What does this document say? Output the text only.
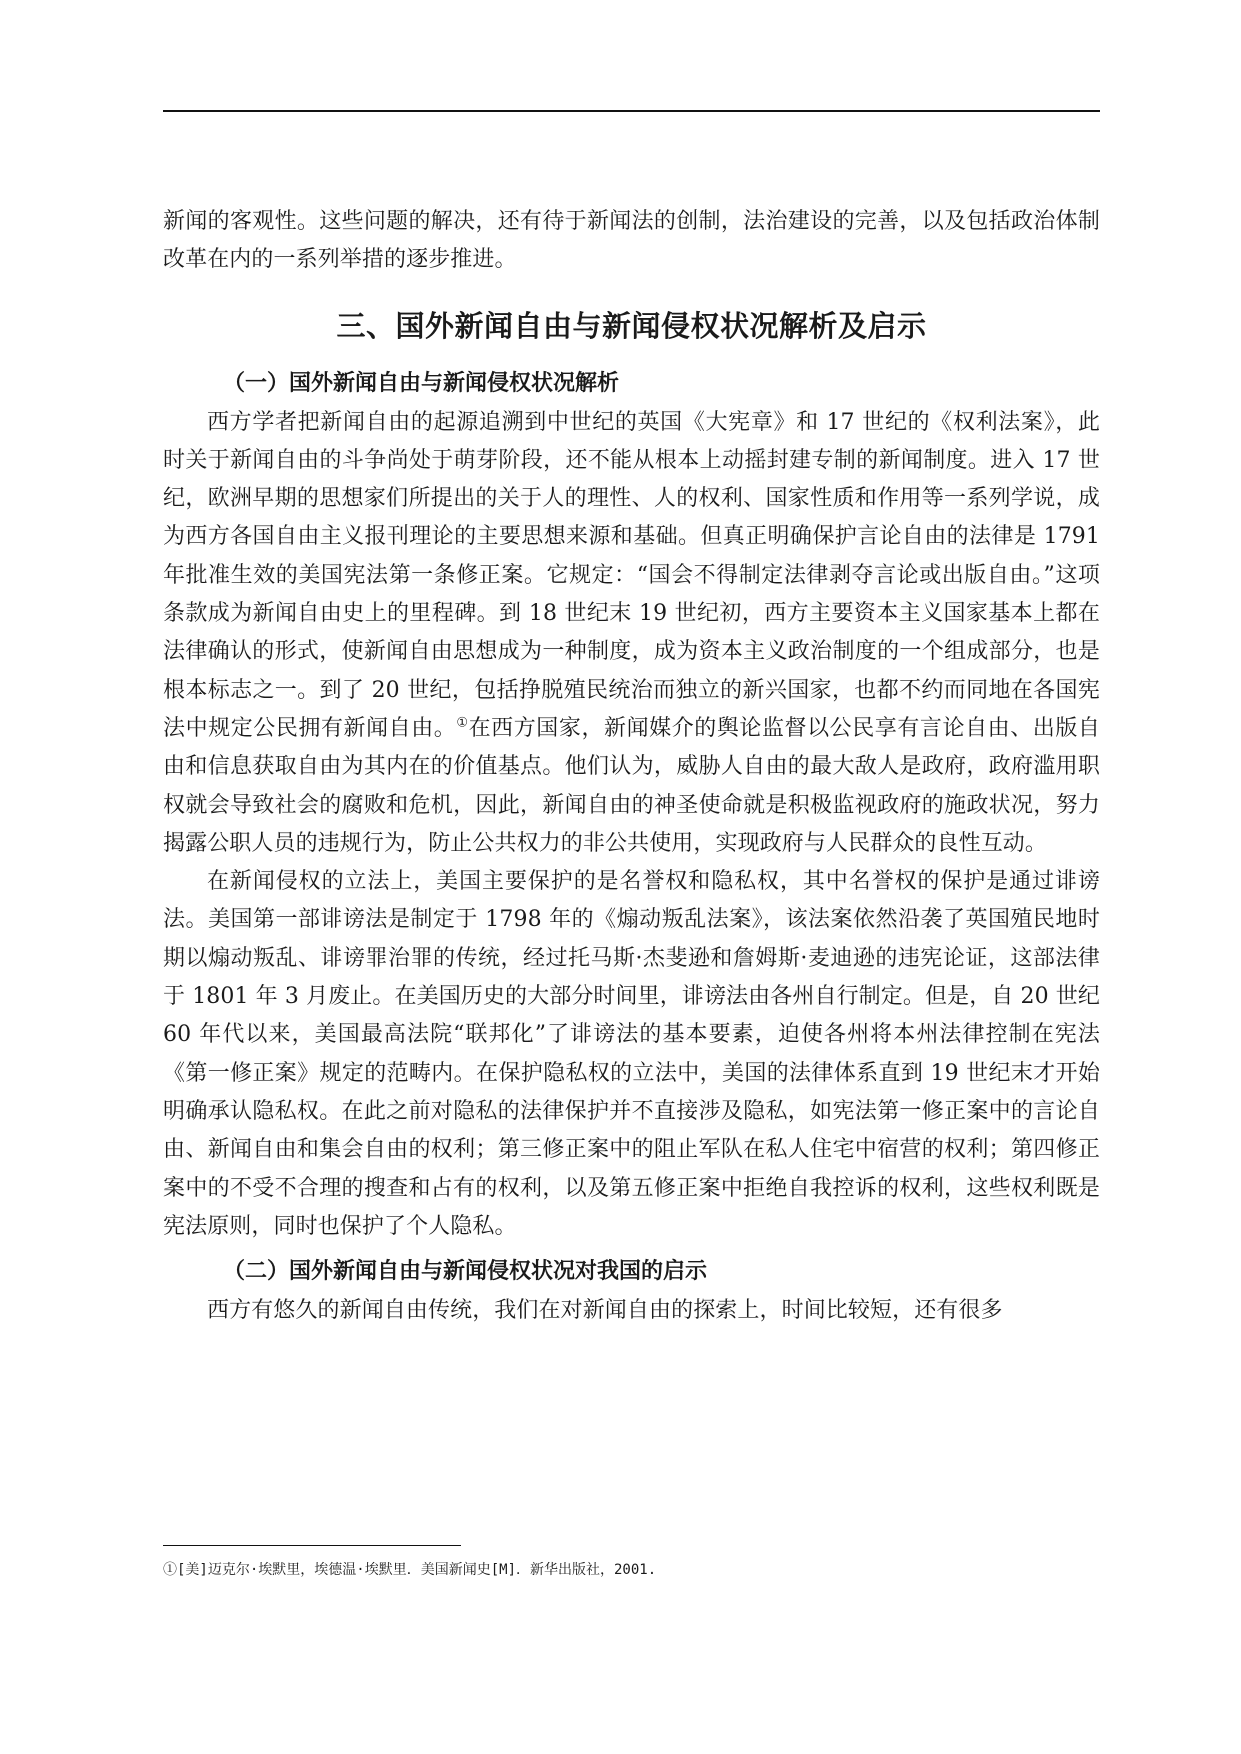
新闻的客观性。这些问题的解决，还有待于新闻法的创制，法治建设的完善，以及包括政治体制改革在内的一系列举措的逐步推进。

三、国外新闻自由与新闻侵权状况解析及启示
（一）国外新闻自由与新闻侵权状况解析

西方学者把新闻自由的起源追溯到中世纪的英国《大宪章》和 17 世纪的《权利法案》，此时关于新闻自由的斗争尚处于萌芽阶段，还不能从根本上动摇封建专制的新闻制度。进入 17 世纪，欧洲早期的思想家们所提出的关于人的理性、人的权利、国家性质和作用等一系列学说，成为西方各国自由主义报刊理论的主要思想来源和基础。但真正明确保护言论自由的法律是 1791 年批准生效的美国宪法第一条修正案。它规定：“国会不得制定法律剥夺言论或出版自由。”这项条款成为新闻自由史上的里程碑。到 18 世纪末 19 世纪初，西方主要资本主义国家基本上都在法律确认的形式，使新闻自由思想成为一种制度，成为资本主义政治制度的一个组成部分，也是根本标志之一。到了 20 世纪，包括挣脱殖民统治而独立的新兴国家，也都不约而同地在各国宪法中规定公民拥有新闻自由。①在西方国家，新闻媒介的舆论监督以公民享有言论自由、出版自由和信息获取自由为其内在的价值基点。他们认为，威胁人自由的最大敌人是政府，政府滥用职权就会导致社会的腐败和危机，因此，新闻自由的神圣使命就是积极监视政府的施政状况，努力揭露公职人员的违规行为，防止公共权力的非公共使用，实现政府与人民群众的良性互动。

在新闻侵权的立法上，美国主要保护的是名誉权和隐私权，其中名誉权的保护是通过诽谤法。美国第一部诽谤法是制定于 1798 年的《煽动叛乱法案》，该法案依然沿袭了英国殖民地时期以煽动叛乱、诽谤罪治罪的传统，经过托马斯·杰斐逊和詹姆斯·麦迪逊的违宪论证，这部法律于 1801 年 3 月废止。在美国历史的大部分时间里，诽谤法由各州自行制定。但是，自 20 世纪 60 年代以来，美国最高法院“联邦化”了诽谤法的基本要素，迫使各州将本州法律控制在宪法《第一修正案》规定的范畴内。在保护隐私权的立法中，美国的法律体系直到 19 世纪末才开始明确承认隐私权。在此之前对隐私的法律保护并不直接涉及隐私，如宪法第一修正案中的言论自由、新闻自由和集会自由的权利；第三修正案中的阻止军队在私人住宅中宿营的权利；第四修正案中的不受不合理的搜查和占有的权利，以及第五修正案中拒绝自我控诉的权利，这些权利既是宪法原则，同时也保护了个人隐私。

（二）国外新闻自由与新闻侵权状况对我国的启示

西方有悠久的新闻自由传统，我们在对新闻自由的探索上，时间比较短，还有很多

①[美]迈克尔·埃默里，埃德温·埃默里．美国新闻史[M]．新华出版社，2001.
